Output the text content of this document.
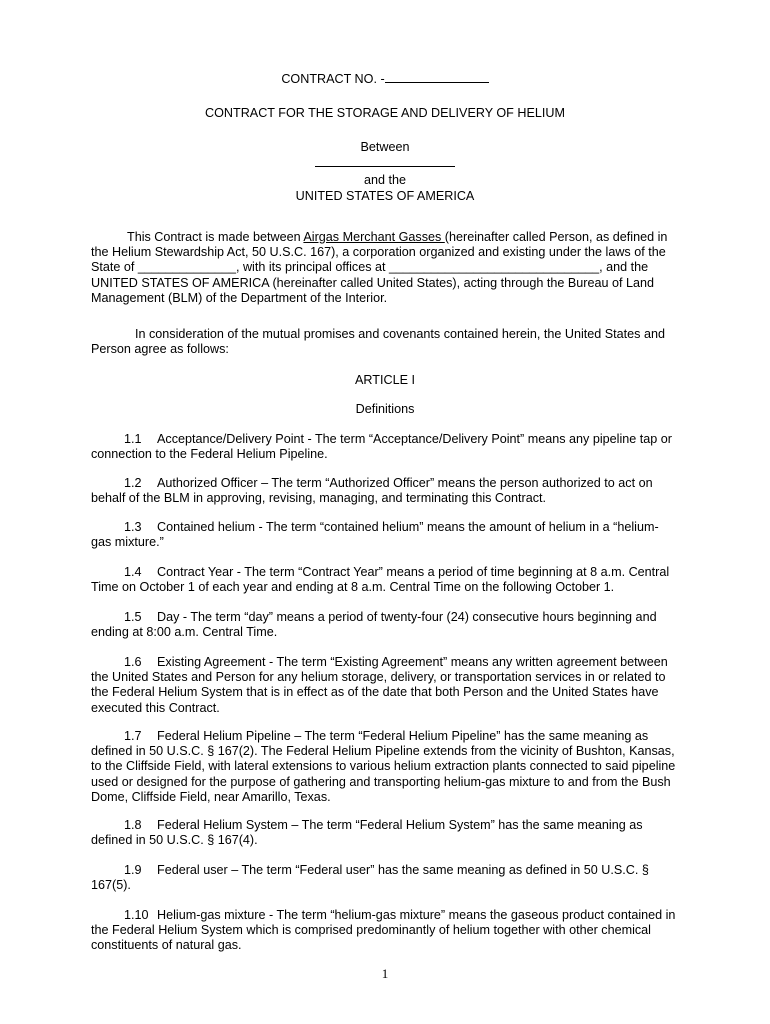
CONTRACT NO. -
CONTRACT FOR THE STORAGE AND DELIVERY OF HELIUM
Between
and the
UNITED STATES OF AMERICA
This Contract is made between Airgas Merchant Gasses (hereinafter called Person, as defined in
the Helium Stewardship Act, 50 U.S.C. 167), a corporation organized and existing under the laws of the
State of ______________, with its principal offices at ______________________________, and the
UNITED STATES OF AMERICA (hereinafter called United States), acting through the Bureau of Land
Management (BLM) of the Department of the Interior.
In consideration of the mutual promises and covenants contained herein, the United States and
Person agree as follows:
ARTICLE I
Definitions
1.1 Acceptance/Delivery Point - The term “Acceptance/Delivery Point” means any pipeline tap or
connection to the Federal Helium Pipeline.
1.2 Authorized Officer – The term “Authorized Officer” means the person authorized to act on
behalf of the BLM in approving, revising, managing, and terminating this Contract.
1.3 Contained helium - The term “contained helium” means the amount of helium in a “helium-
gas mixture.”
1.4 Contract Year - The term “Contract Year” means a period of time beginning at 8 a.m. Central
Time on October 1 of each year and ending at 8 a.m. Central Time on the following October 1.
1.5 Day - The term “day” means a period of twenty-four (24) consecutive hours beginning and
ending at 8:00 a.m. Central Time.
1.6 Existing Agreement - The term “Existing Agreement” means any written agreement between
the United States and Person for any helium storage, delivery, or transportation services in or related to
the Federal Helium System that is in effect as of the date that both Person and the United States have
executed this Contract.
1.7 Federal Helium Pipeline – The term “Federal Helium Pipeline” has the same meaning as
defined in 50 U.S.C. § 167(2). The Federal Helium Pipeline extends from the vicinity of Bushton, Kansas,
to the Cliffside Field, with lateral extensions to various helium extraction plants connected to said pipeline
used or designed for the purpose of gathering and transporting helium-gas mixture to and from the Bush
Dome, Cliffside Field, near Amarillo, Texas.
1.8 Federal Helium System – The term “Federal Helium System” has the same meaning as
defined in 50 U.S.C. § 167(4).
1.9 Federal user – The term “Federal user” has the same meaning as defined in 50 U.S.C. §
167(5).
1.10 Helium-gas mixture - The term “helium-gas mixture” means the gaseous product contained in
the Federal Helium System which is comprised predominantly of helium together with other chemical
constituents of natural gas.
1
